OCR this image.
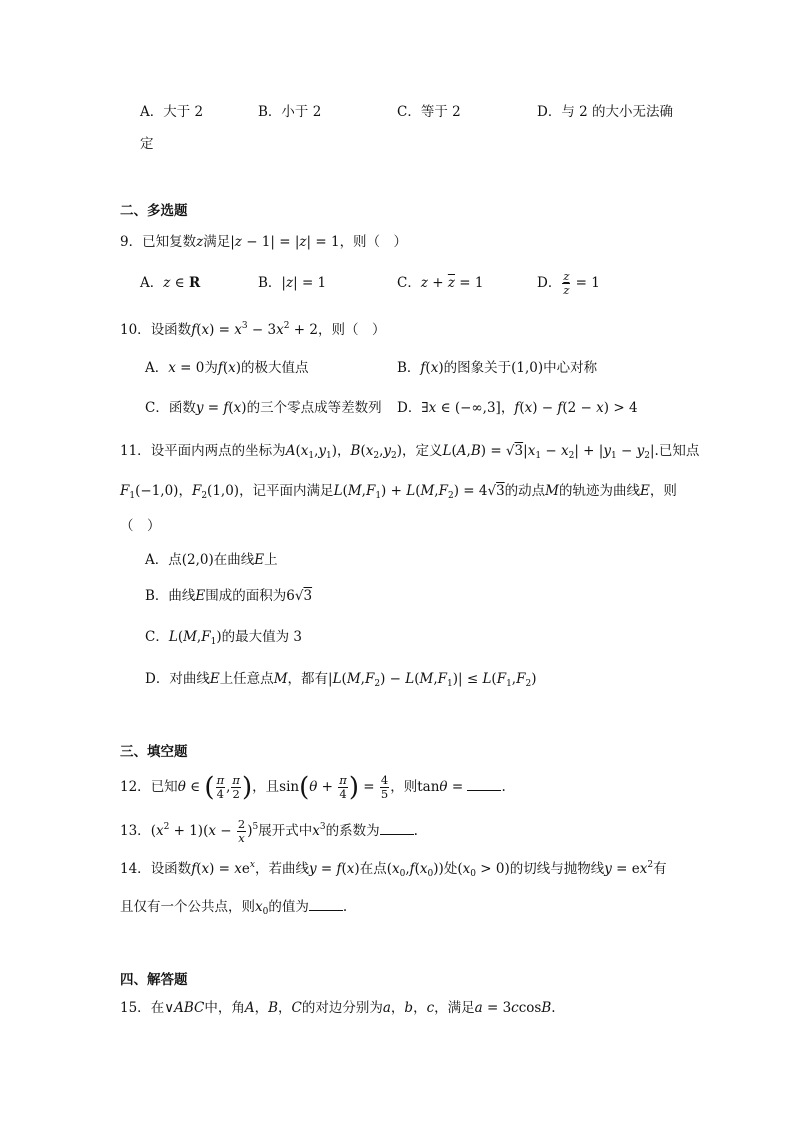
A．大于 2	B．小于 2	C．等于 2	D．与 2 的大小无法确
定
二、多选题
9．已知复数z满足|z − 1| = |z| = 1，则（　）
A．z ∈ R	B．|z| = 1	C．$z + \overline{z} = 1$	D． $\frac{z}{z} = 1$
10．设函数$f(x) = x^3 - 3x^2 + 2$，则（　）
A．x = 0为f(x)的极大值点	B．f(x)的图象关于(1,0)中心对称
C．函数y = f(x)的三个零点成等差数列 D．∃x ∈ (−∞,3]，f(x) − f(2 − x) > 4
11．设平面内两点的坐标为$A(x_1,y_1)$，$B(x_2,y_2)$，定义$L(A,B) = √3|x_1 - x_2| + |y_1 - y_2|$.已知点
$F_1(-1,0)$，$F_2(1,0)$，记平面内满足$L(M,F_1) + L(M,F_2) = 4√3$的动点M的轨迹为曲线E，则
（　）
A．点(2,0)在曲线E上
B．曲线E围成的面积为6√3
C．$L(M,F_1)$的最大值为 3
D．对曲线E上任意点M，都有$|L(M,F_2) - L(M,F_1)| \le L(F_1,F_2)$
三、填空题
12．已知θ ∈ ( $\frac{\pi}{4}$ , $\frac{\pi}{2}$ )，且$\sin(\theta + \frac{\pi}{4}$ ) = $\frac{4}{5}$ ，则tanθ =	.
13．$(x^2 + 1)(x - \frac{2}{x} )^5$展开式中$x^3$的系数为	.
14．设函数$f(x) = xe^x$，若曲线y = f(x)在点$(x_0,f(x_0))$处$(x_0 > 0)$的切线与抛物线$y = ex^2$有
且仅有一个公共点，则$x_0$的值为	.
四、解答题
15．在∨ABC中，角A，B，C的对边分别为a，b，c，满足a = 3ccosB.
